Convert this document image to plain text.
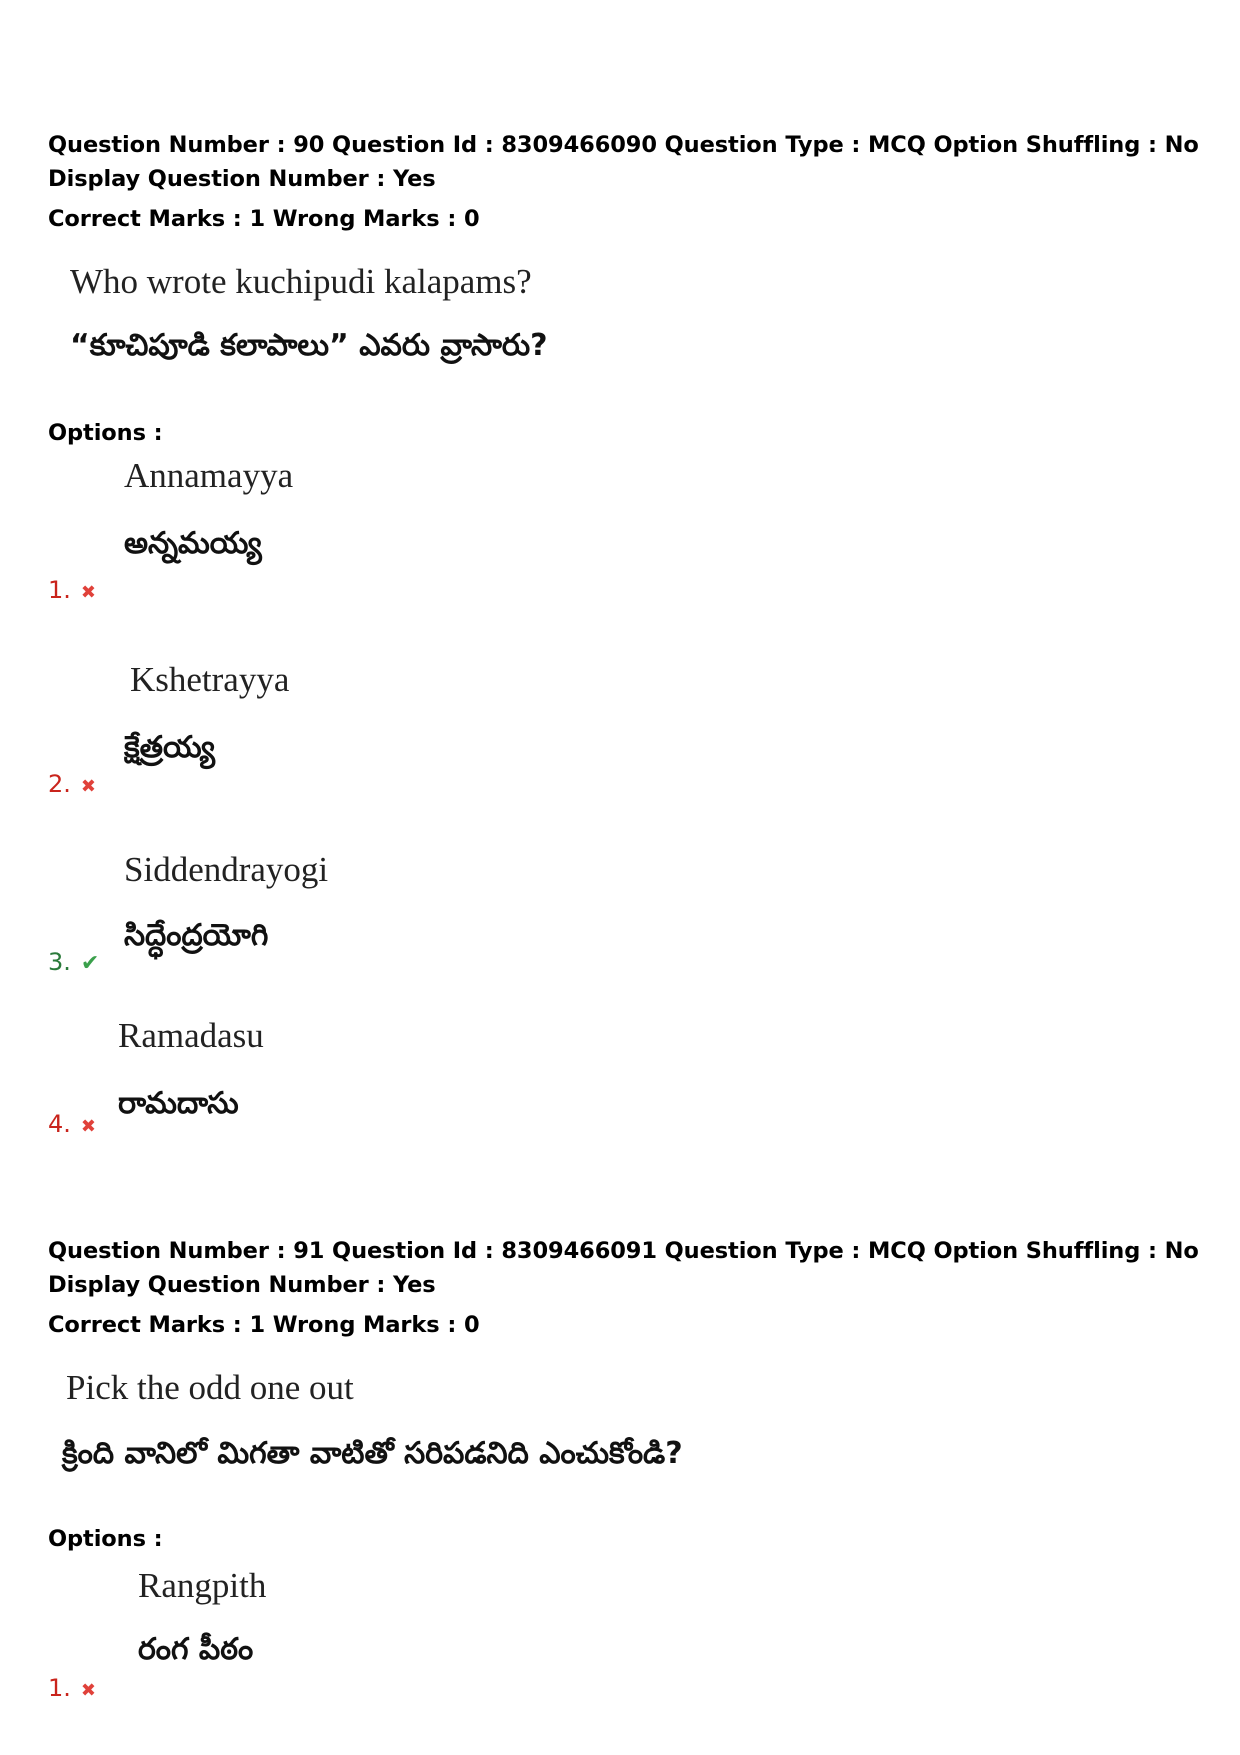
Question Number : 90 Question Id : 8309466090 Question Type : MCQ Option Shuffling : No
Display Question Number : Yes
Correct Marks : 1 Wrong Marks : 0
Who wrote kuchipudi kalapams?
“కూచిపూడి కలాపాలు” ఎవరు వ్రాసారు?
Options :
Annamayya
అన్నమయ్య
1. ✖
Kshetrayya
క్షేత్రయ్య
2. ✖
Siddendrayogi
సిద్ధేంద్రయోగి
3. ✔
Ramadasu
రామదాసు
4. ✖
Question Number : 91 Question Id : 8309466091 Question Type : MCQ Option Shuffling : No
Display Question Number : Yes
Correct Marks : 1 Wrong Marks : 0
Pick the odd one out
క్రింది వానిలో మిగతా వాటితో సరిపడనిది ఎంచుకోండి?
Options :
Rangpith
రంగ పీఠం
1. ✖
